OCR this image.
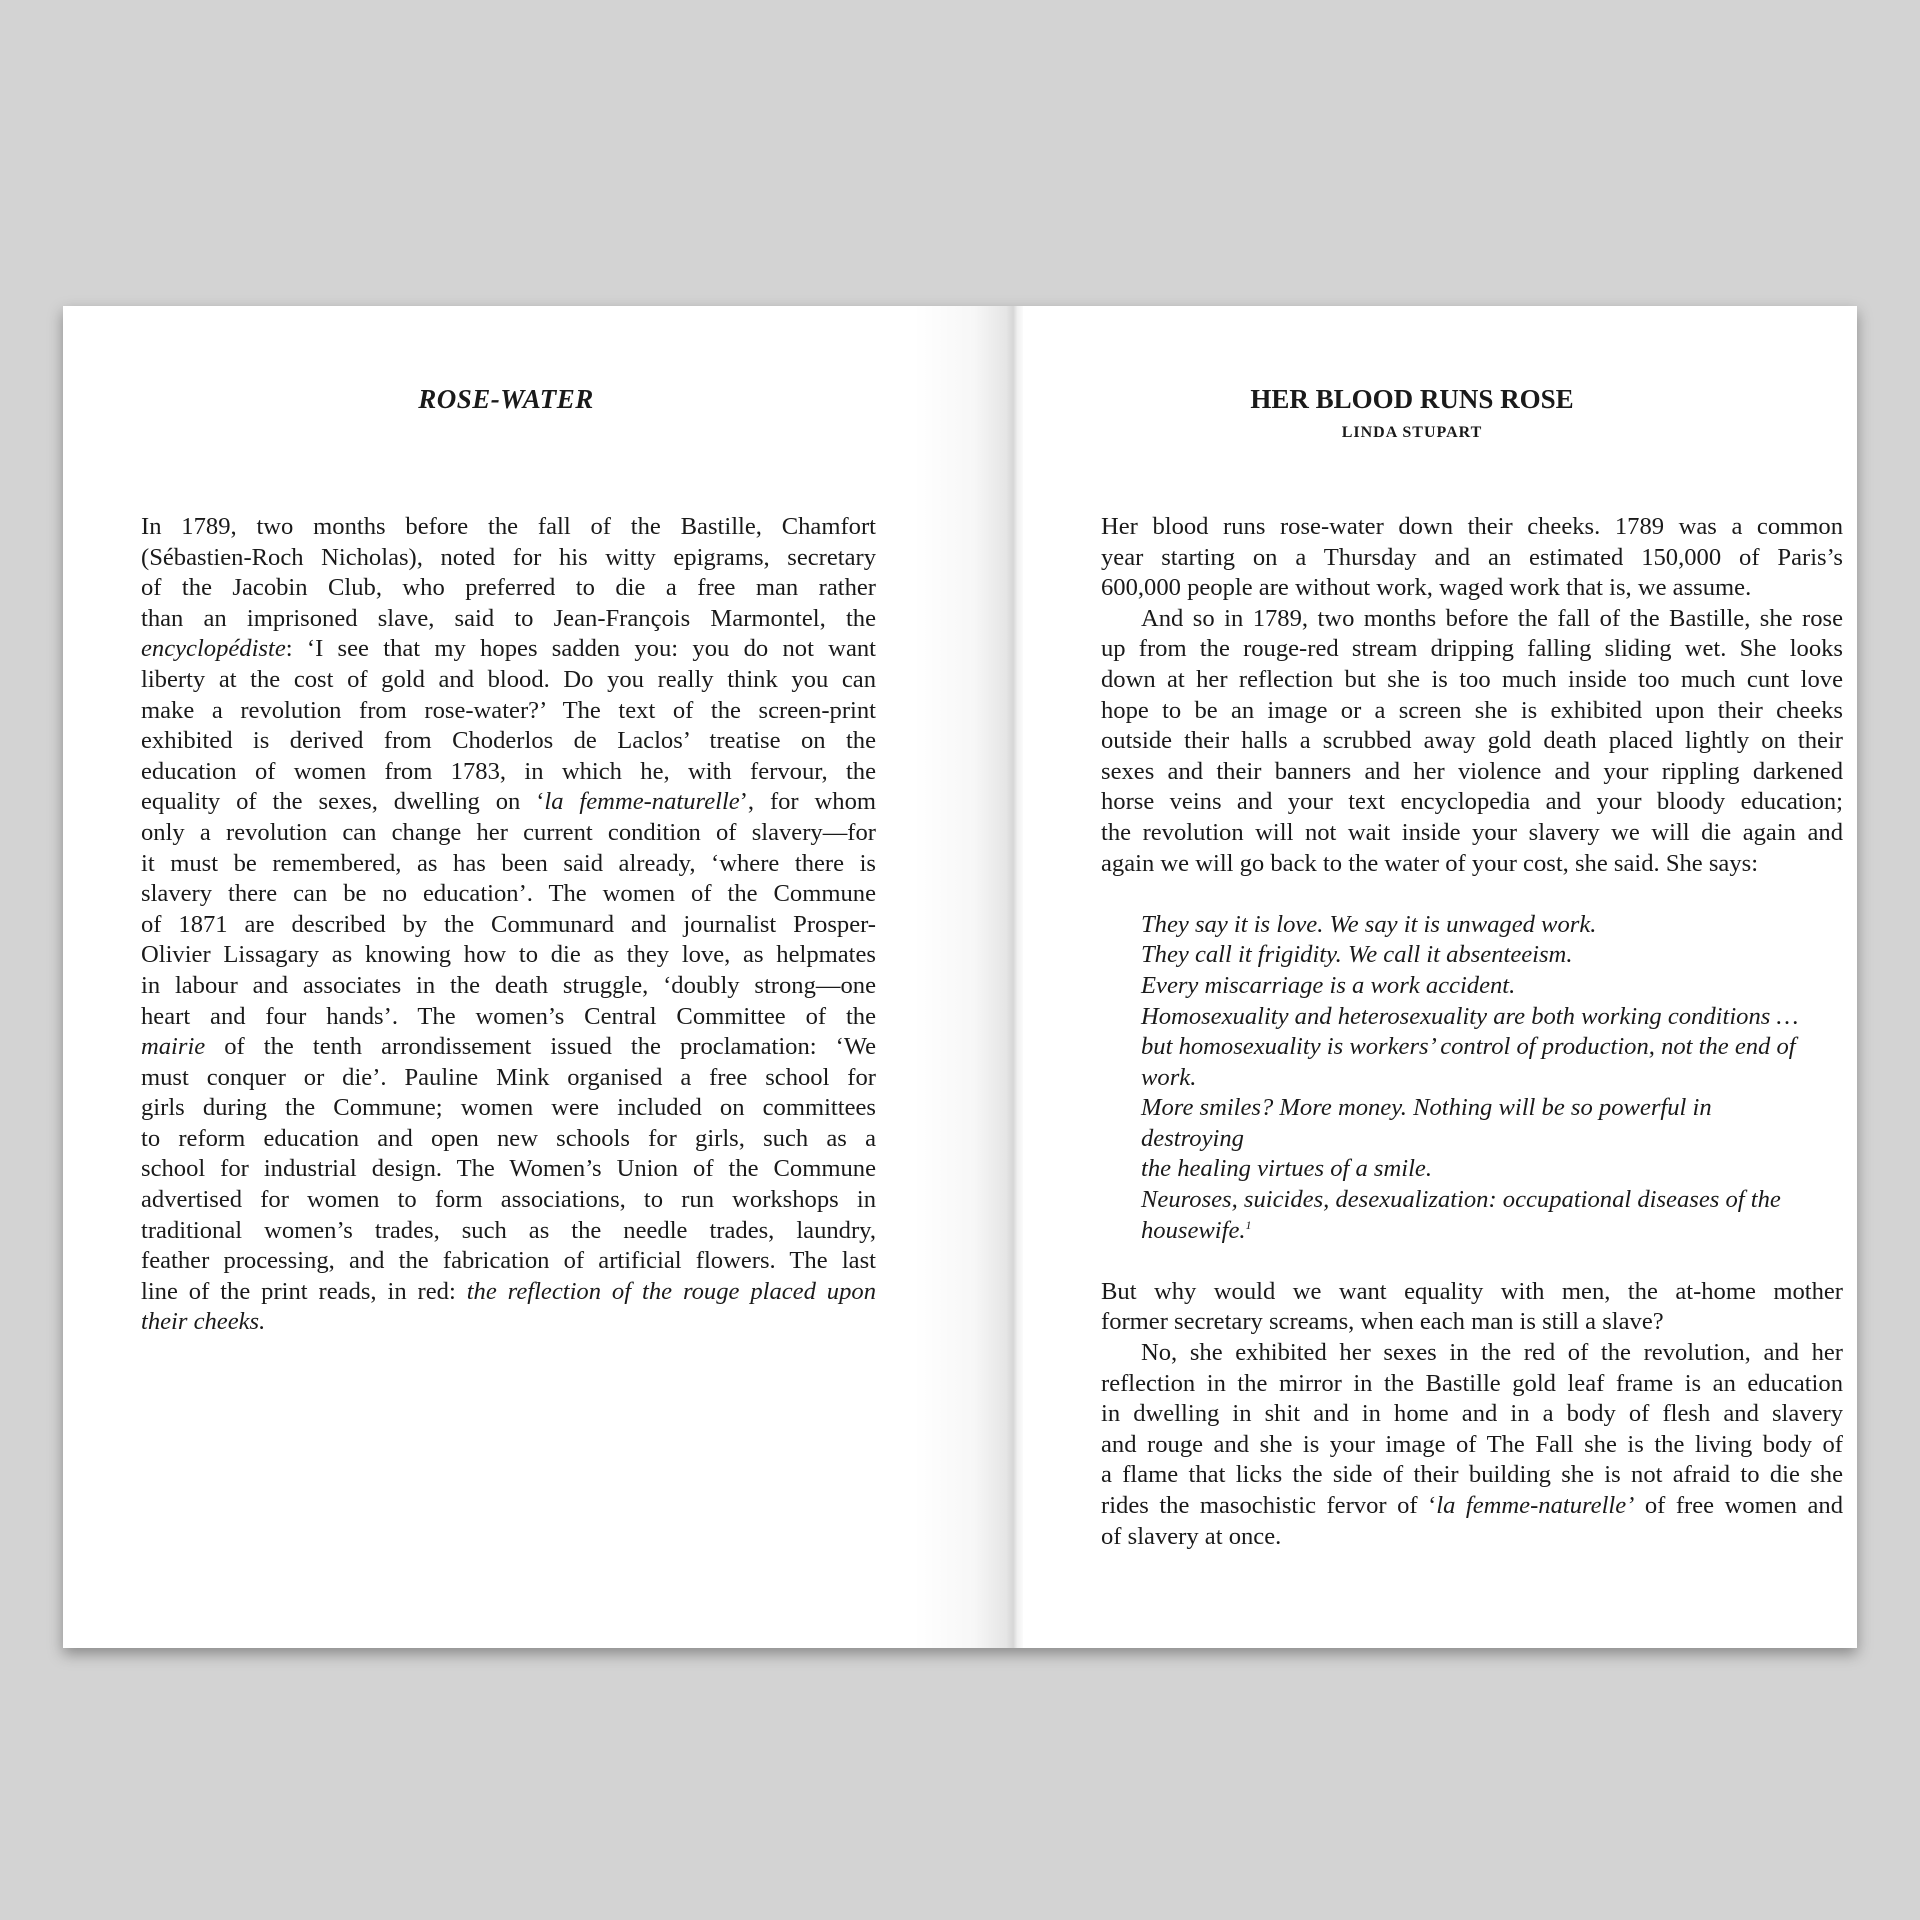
ROSE-WATER
In 1789, two months before the fall of the Bastille, Chamfort
(Sébastien-Roch Nicholas), noted for his witty epigrams, secretary
of the Jacobin Club, who preferred to die a free man rather
than an imprisoned slave, said to Jean-François Marmontel, the
encyclopédiste: ‘I see that my hopes sadden you: you do not want
liberty at the cost of gold and blood. Do you really think you can
make a revolution from rose-water?’ The text of the screen-print
exhibited is derived from Choderlos de Laclos’ treatise on the
education of women from 1783, in which he, with fervour, the
equality of the sexes, dwelling on ‘la femme-naturelle’, for whom
only a revolution can change her current condition of slavery—for
it must be remembered, as has been said already, ‘where there is
slavery there can be no education’. The women of the Commune
of 1871 are described by the Communard and journalist Prosper-
Olivier Lissagary as knowing how to die as they love, as helpmates
in labour and associates in the death struggle, ‘doubly strong—one
heart and four hands’. The women’s Central Committee of the
mairie of the tenth arrondissement issued the proclamation: ‘We
must conquer or die’. Pauline Mink organised a free school for
girls during the Commune; women were included on committees
to reform education and open new schools for girls, such as a
school for industrial design. The Women’s Union of the Commune
advertised for women to form associations, to run workshops in
traditional women’s trades, such as the needle trades, laundry,
feather processing, and the fabrication of artificial flowers. The last
line of the print reads, in red: the reflection of the rouge placed upon
their cheeks.
HER BLOOD RUNS ROSE
LINDA STUPART
Her blood runs rose-water down their cheeks. 1789 was a common
year starting on a Thursday and an estimated 150,000 of Paris’s
600,000 people are without work, waged work that is, we assume.
And so in 1789, two months before the fall of the Bastille, she rose
up from the rouge-red stream dripping falling sliding wet. She looks
down at her reflection but she is too much inside too much cunt love
hope to be an image or a screen she is exhibited upon their cheeks
outside their halls a scrubbed away gold death placed lightly on their
sexes and their banners and her violence and your rippling darkened
horse veins and your text encyclopedia and your bloody education;
the revolution will not wait inside your slavery we will die again and
again we will go back to the water of your cost, she said. She says:
They say it is love. We say it is unwaged work.
They call it frigidity. We call it absenteeism.
Every miscarriage is a work accident.
Homosexuality and heterosexuality are both working conditions …
but homosexuality is workers’ control of production, not the end of
work.
More smiles? More money. Nothing will be so powerful in
destroying
the healing virtues of a smile.
Neuroses, suicides, desexualization: occupational diseases of the
housewife.$^1$
But why would we want equality with men, the at-home mother
former secretary screams, when each man is still a slave?
No, she exhibited her sexes in the red of the revolution, and her
reflection in the mirror in the Bastille gold leaf frame is an education
in dwelling in shit and in home and in a body of flesh and slavery
and rouge and she is your image of The Fall she is the living body of
a flame that licks the side of their building she is not afraid to die she
rides the masochistic fervor of ‘la femme-naturelle’ of free women and
of slavery at once.
